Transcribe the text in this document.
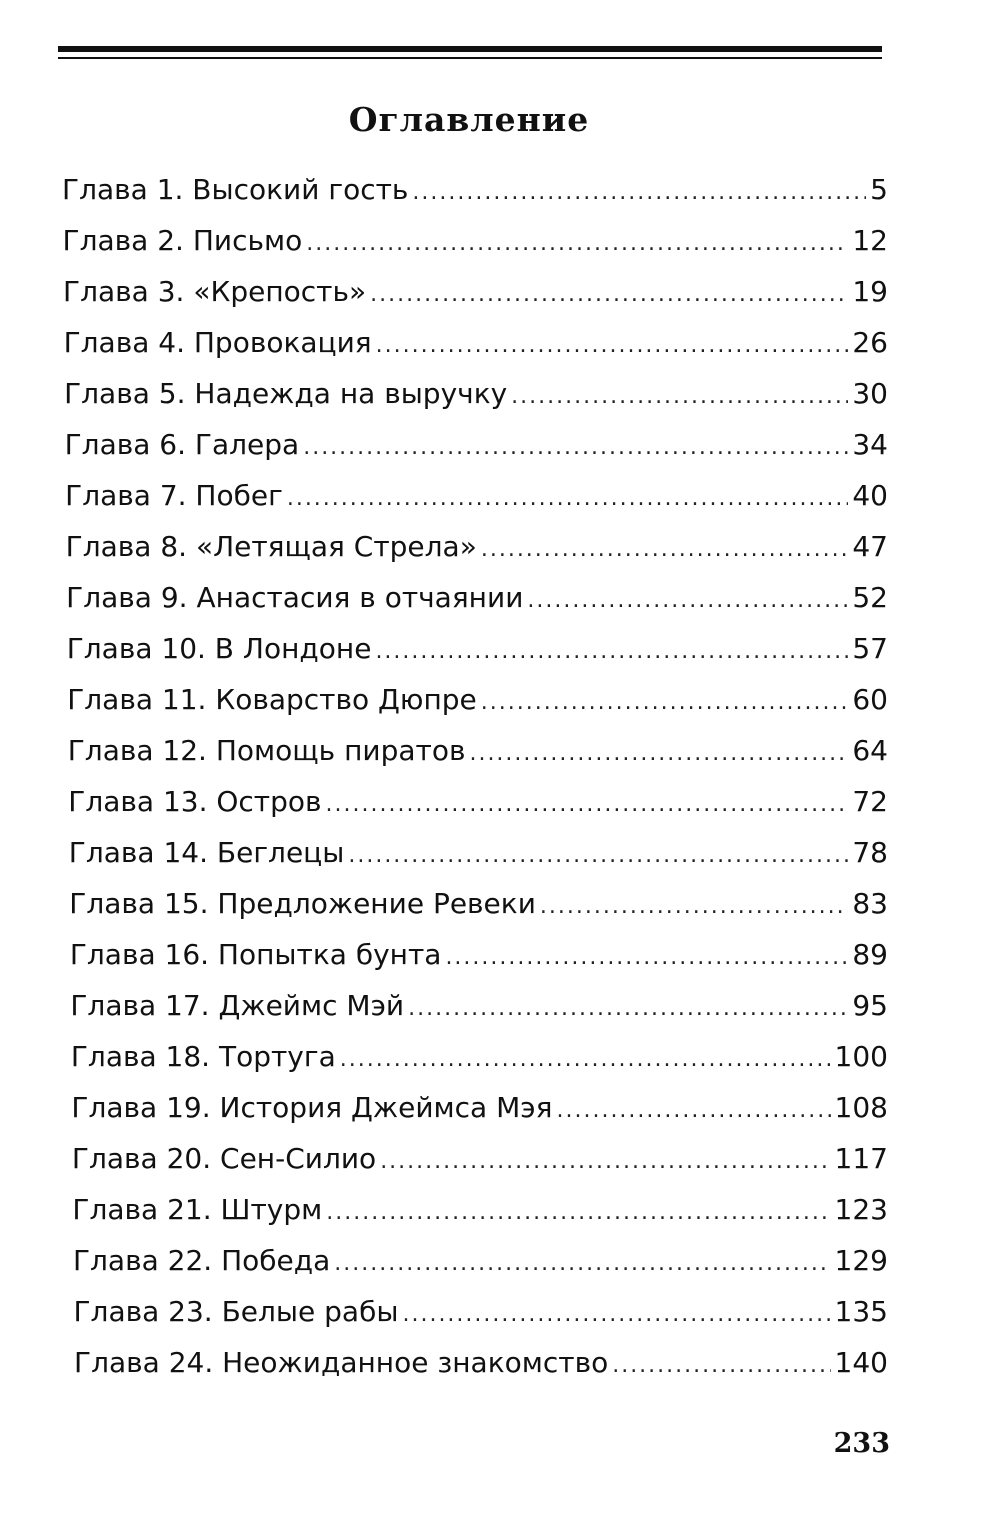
Оглавление
Глава 1. Высокий гость .....	5
Глава 2. Письмо .....	12
Глава 3. «Крепость» .....	19
Глава 4. Провокация .....	26
Глава 5. Надежда на выручку .....	30
Глава 6. Галера .....	34
Глава 7. Побег .....	40
Глава 8. «Летящая Стрела» .....	47
Глава 9. Анастасия в отчаянии .....	52
Глава 10. В Лондоне .....	57
Глава 11. Коварство Дюпре .....	60
Глава 12. Помощь пиратов .....	64
Глава 13. Остров .....	72
Глава 14. Беглецы .....	78
Глава 15. Предложение Ревеки .....	83
Глава 16. Попытка бунта .....	89
Глава 17. Джеймс Мэй .....	95
Глава 18. Тортуга .....	100
Глава 19. История Джеймса Мэя .....	108
Глава 20. Сен-Силио .....	117
Глава 21. Штурм .....	123
Глава 22. Победа .....	129
Глава 23. Белые рабы .....	135
Глава 24. Неожиданное знакомство .....	140
233
